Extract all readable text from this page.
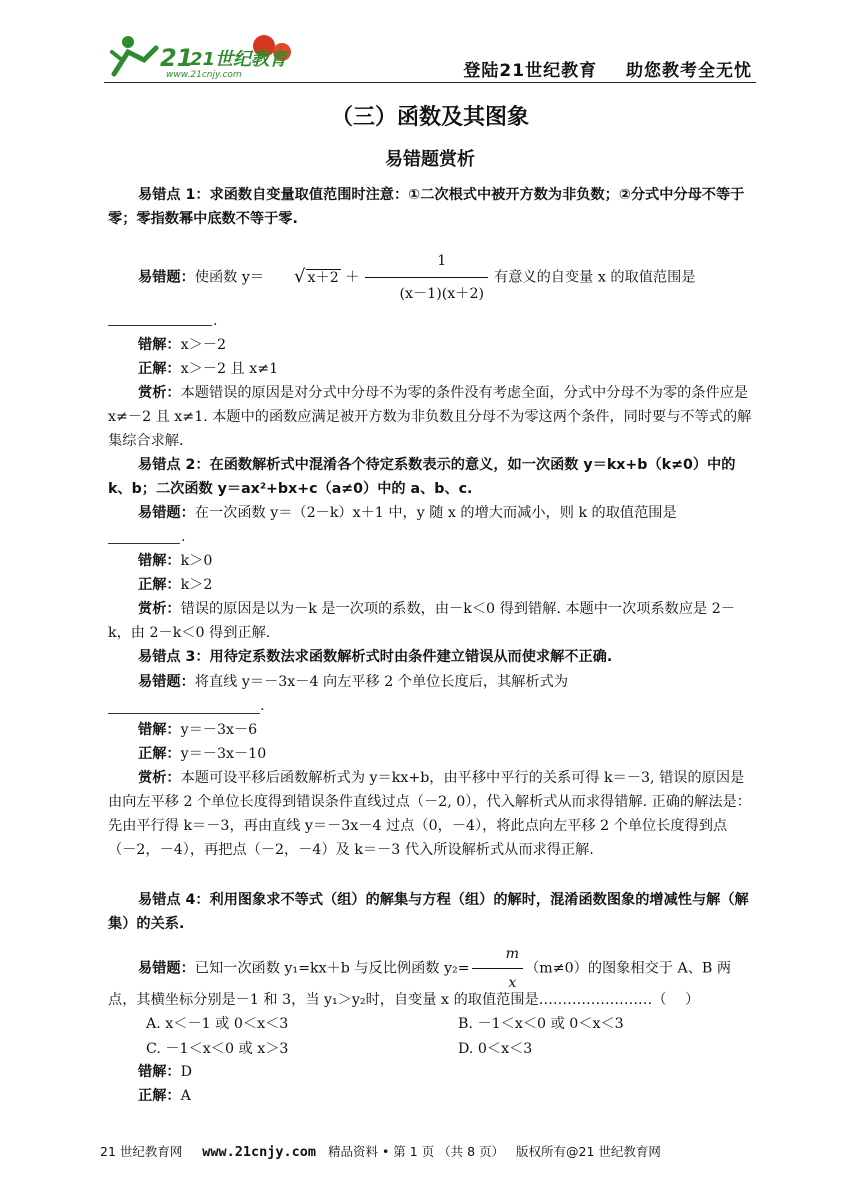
21
21世纪教育
www.21cnjy.com	登陆21世纪教育 助您教考全无忧
（三）函数及其图象
易错题赏析

易错点 1：求函数自变量取值范围时注意：①二次根式中被开方数为非负数；②分式中分母不等于零；零指数幂中底数不等于零.

易错题：使函数 y＝ √ $x+2 + \frac{1}{(x-1)(x+2)}$ 有意义的自变量 x 的取值范围是
.

错解：x＞－2

正解：x＞－2 且 x≠1

赏析：本题错误的原因是对分式中分母不为零的条件没有考虑全面，分式中分母不为零的条件应是 x≠－2 且 x≠1. 本题中的函数应满足被开方数为非负数且分母不为零这两个条件，同时要与不等式的解集综合求解.

易错点 2：在函数解析式中混淆各个待定系数表示的意义，如一次函数 y＝kx+b（k≠0）中的 k、b；二次函数 y＝ax²+bx+c（a≠0）中的 a、b、c.

易错题：在一次函数 y＝（2－k）x＋1 中，y 随 x 的增大而减小，则 k 的取值范围是

.

错解：k＞0

正解：k＞2

赏析：错误的原因是以为－k 是一次项的系数，由－k＜0 得到错解. 本题中一次项系数应是 2－k，由 2－k＜0 得到正解.

易错点 3：用待定系数法求函数解析式时由条件建立错误从而使求解不正确.

易错题：将直线 y＝－3x－4 向左平移 2 个单位长度后，其解析式为

.

错解：y＝－3x－6

正解：y＝－3x－10

赏析：本题可设平移后函数解析式为 y＝kx+b，由平移中平行的关系可得 k＝－3, 错误的原因是由向左平移 2 个单位长度得到错误条件直线过点（－2, 0），代入解析式从而求得错解. 正确的解法是：先由平行得 k＝－3，再由直线 y＝－3x－4 过点（0，－4），将此点向左平移 2 个单位长度得到点（－2，－4），再把点（－2，－4）及 k＝－3 代入所设解析式从而求得正解.

易错点 4：利用图象求不等式（组）的解集与方程（组）的解时，混淆函数图象的增减性与解（解集）的关系.

易错题：已知一次函数 y₁=kx＋b 与反比例函数 $y_2= \frac{m}{x} (m\ne 0)$的图象相交于 A、B 两

点，其横坐标分别是－1 和 3，当 y₁＞y₂时，自变量 x 的取值范围是……………………（　 ）

A. x＜－1 或 0＜x＜3	B. －1＜x＜0 或 0＜x＜3
C. －1＜x＜0 或 x＞3	D. 0＜x＜3

错解：D

正解：A

21 世纪教育网 www.21cnjy.com 精品资料 • 第 1 页 （共 8 页） 版权所有@21 世纪教育网
